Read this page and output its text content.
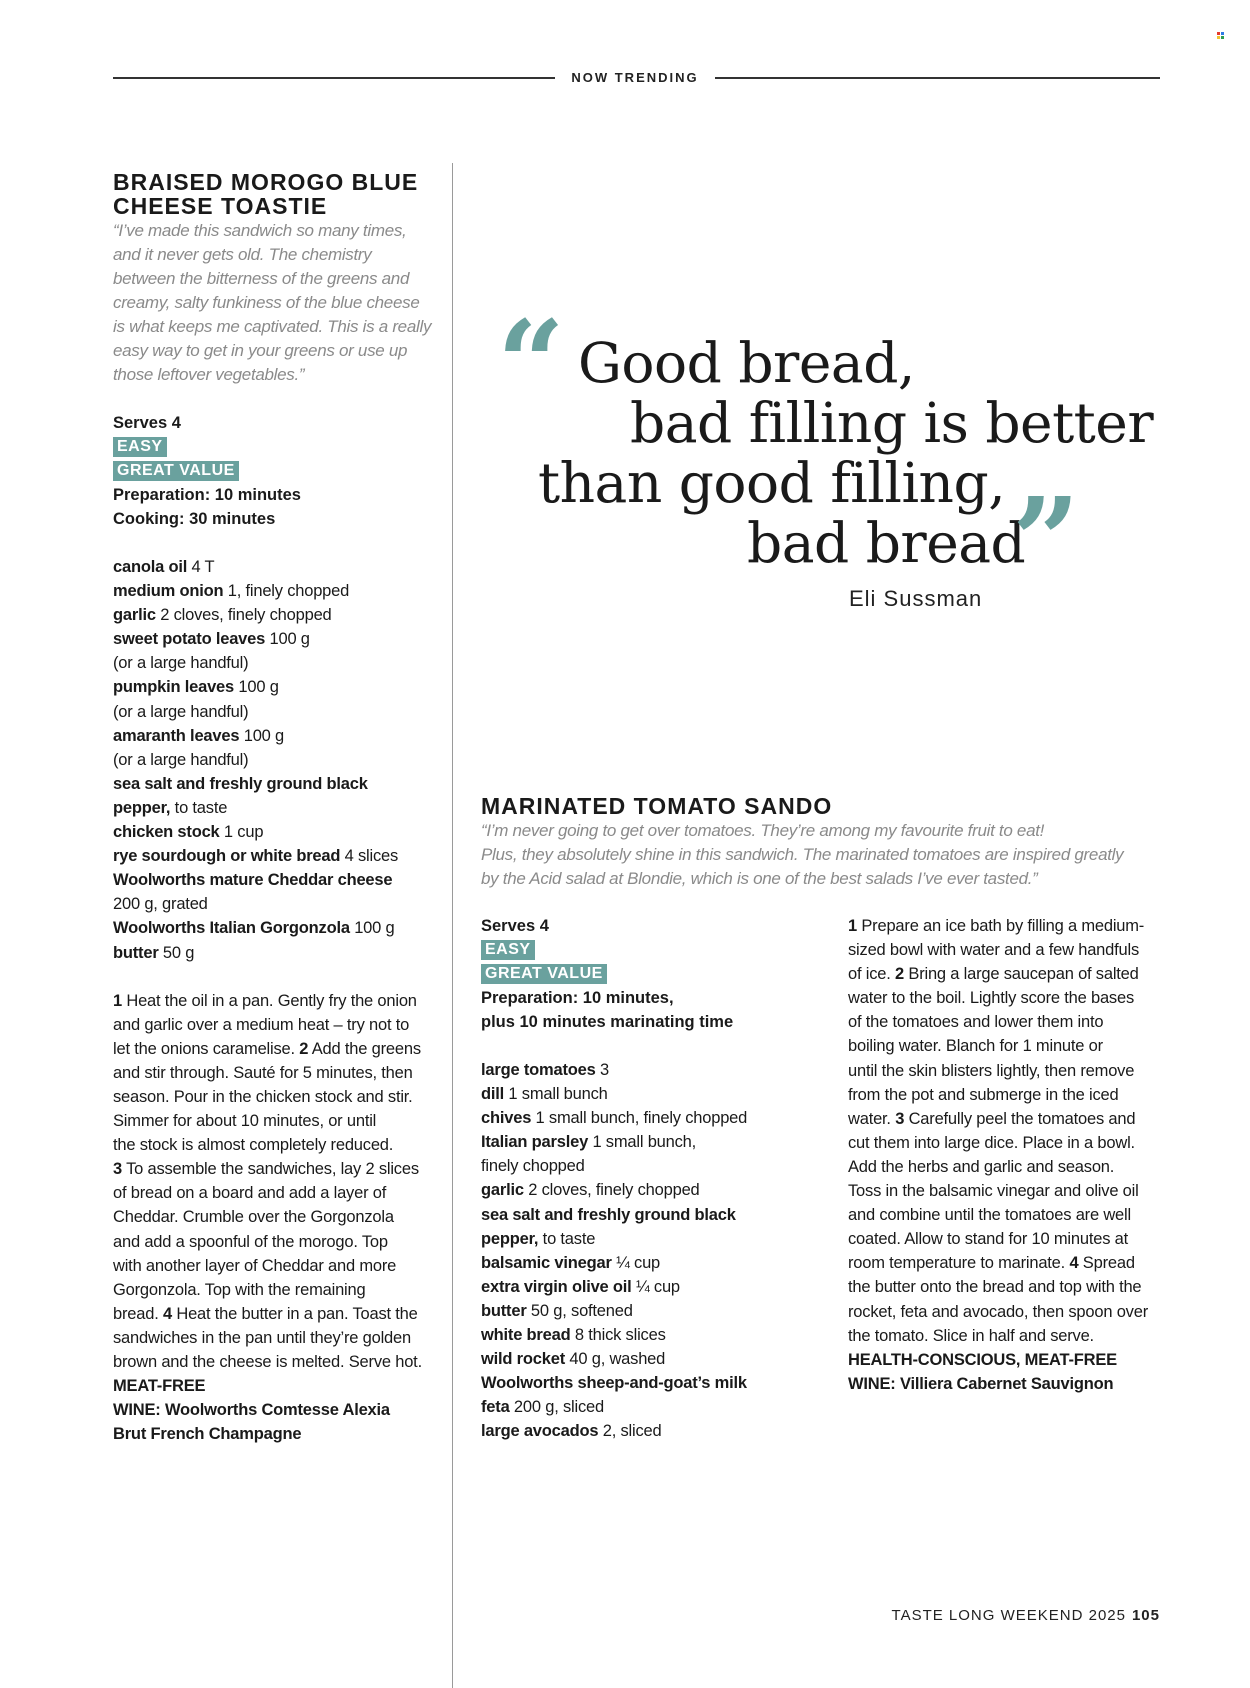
NOW TRENDING
BRAISED MOROGO BLUE
CHEESE TOASTIE
“I’ve made this sandwich so many times,
and it never gets old. The chemistry
between the bitterness of the greens and
creamy, salty funkiness of the blue cheese
is what keeps me captivated. This is a really
easy way to get in your greens or use up
those leftover vegetables.”
Serves 4
EASY
GREAT VALUE
Preparation: 10 minutes
Cooking: 30 minutes
canola oil 4 T
medium onion 1, finely chopped
garlic 2 cloves, finely chopped
sweet potato leaves 100 g
(or a large handful)
pumpkin leaves 100 g
(or a large handful)
amaranth leaves 100 g
(or a large handful)
sea salt and freshly ground black
pepper, to taste
chicken stock 1 cup
rye sourdough or white bread 4 slices
Woolworths mature Cheddar cheese
200 g, grated
Woolworths Italian Gorgonzola 100 g
butter 50 g
1 Heat the oil in a pan. Gently fry the onion
and garlic over a medium heat – try not to
let the onions caramelise. 2 Add the greens
and stir through. Sauté for 5 minutes, then
season. Pour in the chicken stock and stir.
Simmer for about 10 minutes, or until
the stock is almost completely reduced.
3 To assemble the sandwiches, lay 2 slices
of bread on a board and add a layer of
Cheddar. Crumble over the Gorgonzola
and add a spoonful of the morogo. Top
with another layer of Cheddar and more
Gorgonzola. Top with the remaining
bread. 4 Heat the butter in a pan. Toast the
sandwiches in the pan until they’re golden
brown and the cheese is melted. Serve hot.
MEAT-FREE
WINE: Woolworths Comtesse Alexia
Brut French Champagne
“ Good bread,
bad filling is better
than good filling,
bad bread
”
Eli Sussman
MARINATED TOMATO SANDO
“I’m never going to get over tomatoes. They’re among my favourite fruit to eat!
Plus, they absolutely shine in this sandwich. The marinated tomatoes are inspired greatly
by the Acid salad at Blondie, which is one of the best salads I’ve ever tasted.”
Serves 4
EASY
GREAT VALUE
Preparation: 10 minutes,
plus 10 minutes marinating time
large tomatoes 3
dill 1 small bunch
chives 1 small bunch, finely chopped
Italian parsley 1 small bunch,
finely chopped
garlic 2 cloves, finely chopped
sea salt and freshly ground black
pepper, to taste
balsamic vinegar ¼ cup
extra virgin olive oil ¼ cup
butter 50 g, softened
white bread 8 thick slices
wild rocket 40 g, washed
Woolworths sheep-and-goat’s milk
feta 200 g, sliced
large avocados 2, sliced
1 Prepare an ice bath by filling a medium-
sized bowl with water and a few handfuls
of ice. 2 Bring a large saucepan of salted
water to the boil. Lightly score the bases
of the tomatoes and lower them into
boiling water. Blanch for 1 minute or
until the skin blisters lightly, then remove
from the pot and submerge in the iced
water. 3 Carefully peel the tomatoes and
cut them into large dice. Place in a bowl.
Add the herbs and garlic and season.
Toss in the balsamic vinegar and olive oil
and combine until the tomatoes are well
coated. Allow to stand for 10 minutes at
room temperature to marinate. 4 Spread
the butter onto the bread and top with the
rocket, feta and avocado, then spoon over
the tomato. Slice in half and serve.
HEALTH-CONSCIOUS, MEAT-FREE
WINE: Villiera Cabernet Sauvignon
TASTE LONG WEEKEND 2025 105
